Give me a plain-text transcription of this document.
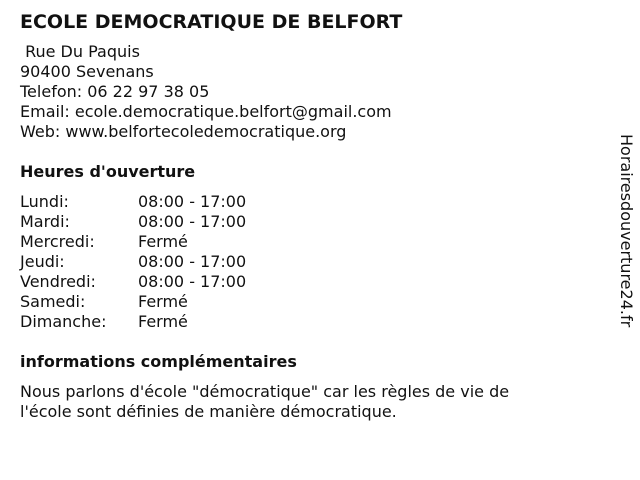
ECOLE DEMOCRATIQUE DE BELFORT
Rue Du Paquis
90400 Sevenans
Telefon: 06 22 97 38 05
Email: ecole.democratique.belfort@gmail.com
Web: www.belfortecoledemocratique.org
Heures d'ouverture
Lundi:	08:00 - 17:00
Mardi:	08:00 - 17:00
Mercredi:	Fermé
Jeudi:	08:00 - 17:00
Vendredi:	08:00 - 17:00
Samedi:	Fermé
Dimanche:	Fermé
informations complémentaires
Nous parlons d'école "démocratique" car les règles de vie de l'école sont définies de manière démocratique.
Horairesdouverture24.fr
